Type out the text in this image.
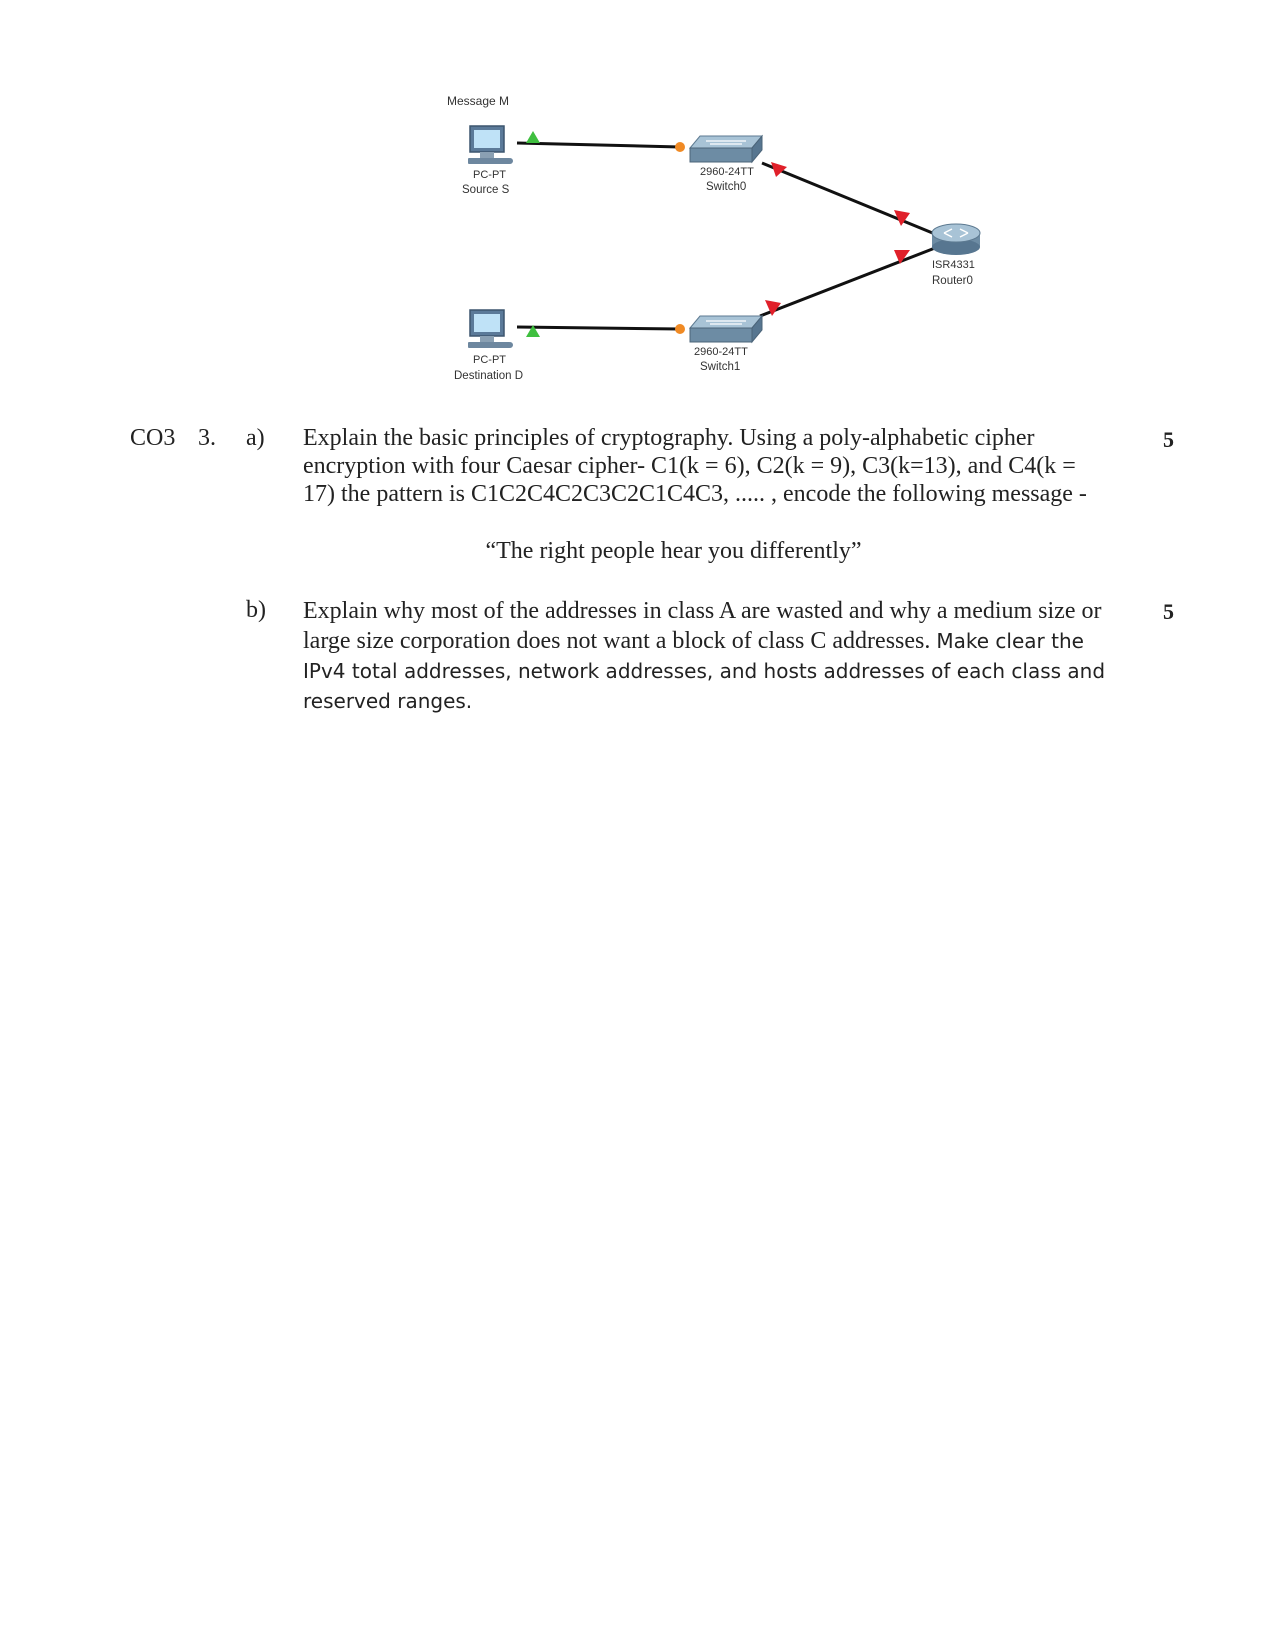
Message M
PC-PT
Source S
2960-24TT
Switch0
ISR4331
Router0
2960-24TT
Switch1
PC-PT
Destination D
CO3 3. a) Explain the basic principles of cryptography. Using a poly-alphabetic cipher
encryption with four Caesar cipher- C1(k = 6), C2(k = 9), C3(k=13), and C4(k =
17) the pattern is C1C2C4C2C3C2C1C4C3, ..... , encode the following message -
5
“The right people hear you differently”
b) Explain why most of the addresses in class A are wasted and why a medium size or large size corporation does not want a block of class C addresses. Make clear the IPv4 total addresses, network addresses, and hosts addresses of each class and reserved ranges.
5
